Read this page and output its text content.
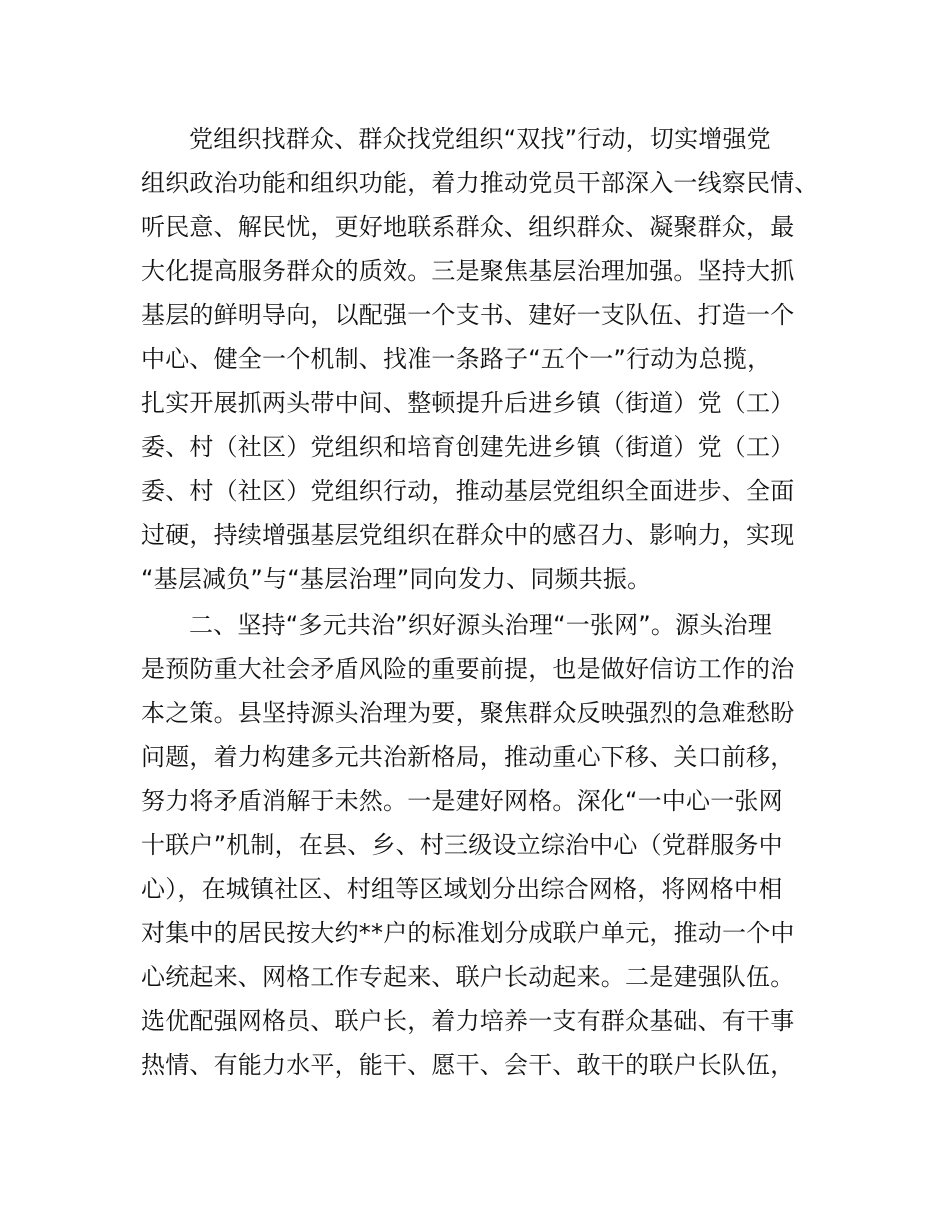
党组织找群众、群众找党组织“双找”行动，切实增强党
组织政治功能和组织功能，着力推动党员干部深入一线察民情、
听民意、解民忧，更好地联系群众、组织群众、凝聚群众，最
大化提高服务群众的质效。三是聚焦基层治理加强。坚持大抓
基层的鲜明导向，以配强一个支书、建好一支队伍、打造一个
中心、健全一个机制、找准一条路子“五个一”行动为总揽，
扎实开展抓两头带中间、整顿提升后进乡镇（街道）党（工）
委、村（社区）党组织和培育创建先进乡镇（街道）党（工）
委、村（社区）党组织行动，推动基层党组织全面进步、全面
过硬，持续增强基层党组织在群众中的感召力、影响力，实现
“基层减负”与“基层治理”同向发力、同频共振。
二、坚持“多元共治”织好源头治理“一张网”。源头治理
是预防重大社会矛盾风险的重要前提，也是做好信访工作的治
本之策。县坚持源头治理为要，聚焦群众反映强烈的急难愁盼
问题，着力构建多元共治新格局，推动重心下移、关口前移，
努力将矛盾消解于未然。一是建好网格。深化“一中心一张网
十联户”机制，在县、乡、村三级设立综治中心（党群服务中
心），在城镇社区、村组等区域划分出综合网格，将网格中相
对集中的居民按大约**户的标准划分成联户单元，推动一个中
心统起来、网格工作专起来、联户长动起来。二是建强队伍。
选优配强网格员、联户长，着力培养一支有群众基础、有干事
热情、有能力水平，能干、愿干、会干、敢干的联户长队伍，
